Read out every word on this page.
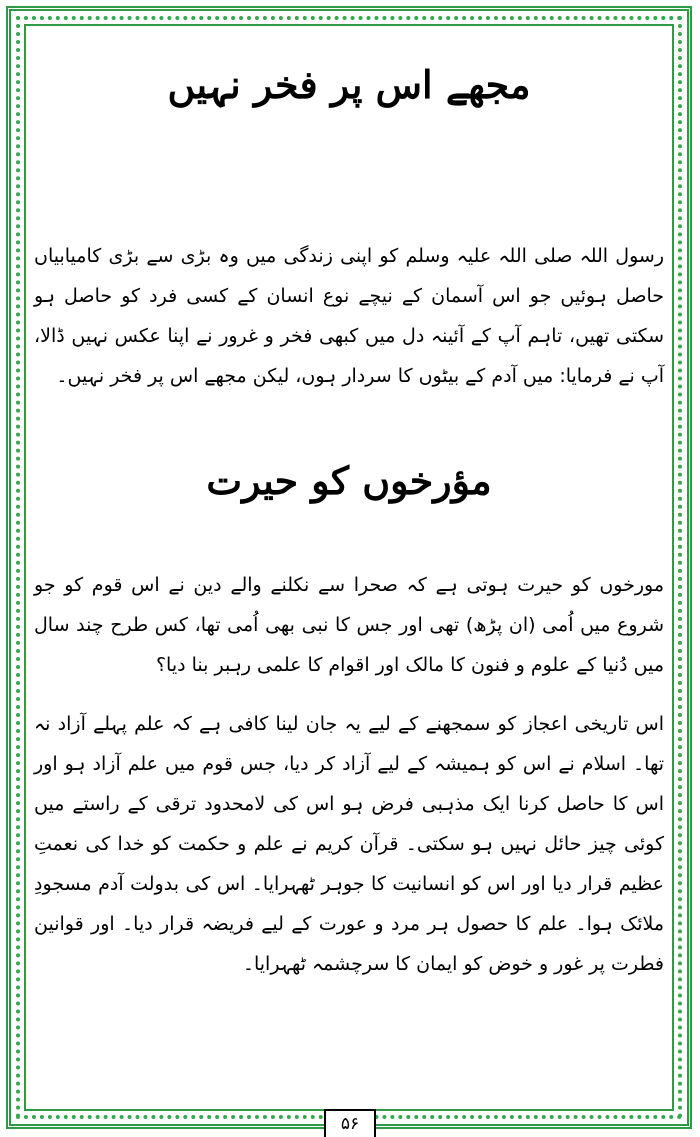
مجھے اس پر فخر نہیں

رسول اللہ صلی اللہ علیہ وسلم کو اپنی زندگی میں وہ بڑی سے بڑی کامیابیاں حاصل ہوئیں جو اس آسمان کے نیچے نوع انسان کے کسی فرد کو حاصل ہو سکتی تھیں، تاہم آپ کے آئینہ دل میں کبھی فخر و غرور نے اپنا عکس نہیں ڈالا، آپ نے فرمایا: میں آدم کے بیٹوں کا سردار ہوں، لیکن مجھے اس پر فخر نہیں۔

مؤرخوں کو حیرت

مورخوں کو حیرت ہوتی ہے کہ صحرا سے نکلنے والے دین نے اس قوم کو جو شروع میں اُمی (ان پڑھ) تھی اور جس کا نبی بھی اُمی تھا، کس طرح چند سال میں دُنیا کے علوم و فنون کا مالک اور اقوام کا علمی رہبر بنا دیا؟

اس تاریخی اعجاز کو سمجھنے کے لیے یہ جان لینا کافی ہے کہ علم پہلے آزاد نہ تھا۔ اسلام نے اس کو ہمیشہ کے لیے آزاد کر دیا، جس قوم میں علم آزاد ہو اور اس کا حاصل کرنا ایک مذہبی فرض ہو اس کی لامحدود ترقی کے راستے میں کوئی چیز حائل نہیں ہو سکتی۔ قرآن کریم نے علم و حکمت کو خدا کی نعمتِ عظیم قرار دیا اور اس کو انسانیت کا جوہر ٹھہرایا۔ اس کی بدولت آدم مسجودِ ملائک ہوا۔ علم کا حصول ہر مرد و عورت کے لیے فریضہ قرار دیا۔ اور قوانین فطرت پر غور و خوض کو ایمان کا سرچشمہ ٹھہرایا۔

۵۶
